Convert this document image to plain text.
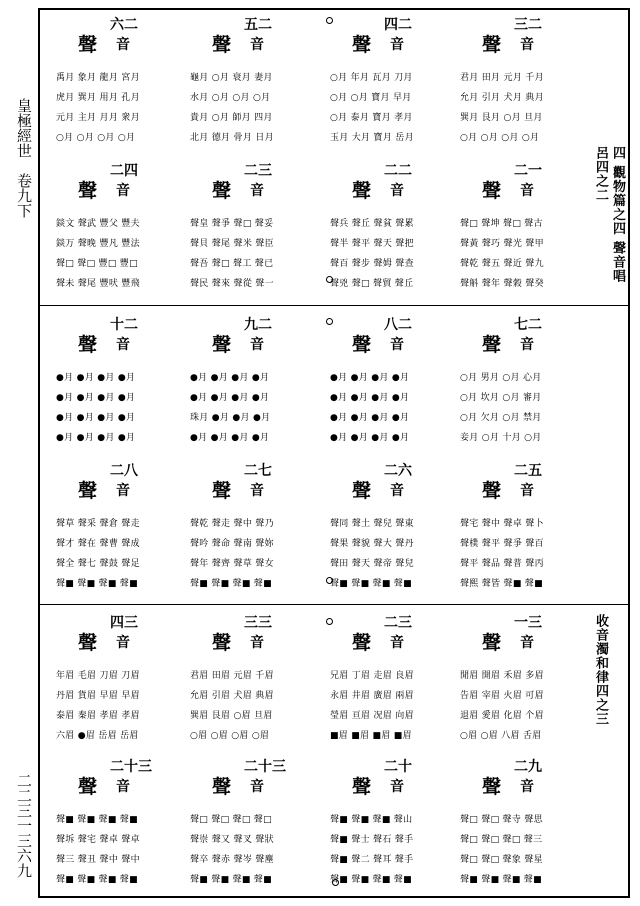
皇極經世　卷九下
二二三一三六九
四 觀物篇之四 聲音唱呂四之二
收音濁和律四之三
六二
聲 音
禹月 象月 龍月 宮月
虎月 巽月 用月 孔月
元月 主月 月月 衆月
○月 ○月 ○月 ○月
五二
聲 音
龜月 ○月 衰月 妻月
水月 ○月 ○月 ○月
貴月 ○月 師月 四月
北月 德月 骨月 日月
四二
聲 音
○月 年月 瓦月 刀月
○月 ○月 寶月 早月
○月 泰月 寶月 孝月
玉月 大月 寶月 岳月
三二
聲 音
君月 田月 元月 千月
允月 引月 犬月 典月
巽月 艮月 ○月 旦月
○月 ○月 ○月 ○月
二四
聲 音
錟文 聲武 豐父 豐夫
錟万 聲晚 豐凡 豐法
聲□ 聲□ 豐□ 豐□
聲未 聲尾 豐吠 豐飛
二三
聲 音
聲皇 聲爭 聲□ 聲妥
聲貝 聲尾 聲米 聲臣
聲吾 聲□ 聲工 聲已
聲民 聲來 聲從 聲一
二二
聲 音
聲兵 聲丘 聲貧 聲累
聲半 聲平 聲天 聲把
聲百 聲步 聲姆 聲查
聲兇 聲□ 聲貿 聲丘
二一
聲 音
聲□ 聲坤 聲□ 聲古
聲黃 聲巧 聲光 聲甲
聲乾 聲五 聲近 聲九
聲斛 聲年 聲穀 聲癸
十二
聲 音
●月 ●月 ●月 ●月
●月 ●月 ●月 ●月
●月 ●月 ●月 ●月
●月 ●月 ●月 ●月
九二
聲 音
●月 ●月 ●月 ●月
●月 ●月 ●月 ●月
珠月 ●月 ●月 ●月
●月 ●月 ●月 ●月
八二
聲 音
●月 ●月 ●月 ●月
●月 ●月 ●月 ●月
●月 ●月 ●月 ●月
●月 ●月 ●月 ●月
七二
聲 音
○月 男月 ○月 心月
○月 坎月 ○月 審月
○月 欠月 ○月 禁月
妾月 ○月 十月 ○月
二八
聲 音
聲草 聲采 聲倉 聲走
聲才 聲在 聲曹 聲成
聲全 聲七 聲鼓 聲足
聲■ 聲■ 聲■ 聲■
二七
聲 音
聲乾 聲走 聲中 聲乃
聲吟 聲命 聲南 聲妳
聲年 聲齊 聲草 聲女
聲■ 聲■ 聲■ 聲■
二六
聲 音
聲同 聲土 聲兒 聲東
聲果 聲貌 聲大 聲丹
聲田 聲天 聲帝 聲兒
聲■ 聲■ 聲■ 聲■
二五
聲 音
聲宅 聲中 聲卓 聲卜
聲樸 聲平 聲爭 聲百
聲平 聲品 聲普 聲丙
聲熙 聲皆 聲■ 聲■
四三
聲 音
年眉 毛眉 刀眉 刀眉
丹眉 貨眉 早眉 早眉
泰眉 秦眉 孝眉 孝眉
六眉 ●眉 岳眉 岳眉
三三
聲 音
君眉 田眉 元眉 千眉
允眉 引眉 犬眉 典眉
巽眉 艮眉 ○眉 旦眉
○眉 ○眉 ○眉 ○眉
二三
聲 音
兄眉 丁眉 走眉 良眉
永眉 井眉 廣眉 兩眉
瑩眉 亘眉 况眉 向眉
■眉 ■眉 ■眉 ■眉
一三
聲 音
閒眉 開眉 禾眉 多眉
告眉 宰眉 火眉 可眉
退眉 愛眉 化眉 个眉
○眉 ○眉 八眉 舌眉
二十三
聲 音
聲■ 聲■ 聲■ 聲■
聲坼 聲宅 聲卓 聲卓
聲三 聲丑 聲中 聲中
聲■ 聲■ 聲■ 聲■
二十三
聲 音
聲□ 聲□ 聲□ 聲□
聲崇 聲又 聲叉 聲狀
聲卒 聲赤 聲岑 聲塵
聲■ 聲■ 聲■ 聲■
二十
聲 音
聲■ 聲■ 聲■ 聲山
聲■ 聲士 聲石 聲手
聲■ 聲二 聲耳 聲手
聲■ 聲■ 聲■ 聲■
二九
聲 音
聲□ 聲□ 聲寺 聲思
聲□ 聲□ 聲□ 聲三
聲□ 聲□ 聲象 聲星
聲■ 聲■ 聲■ 聲■
